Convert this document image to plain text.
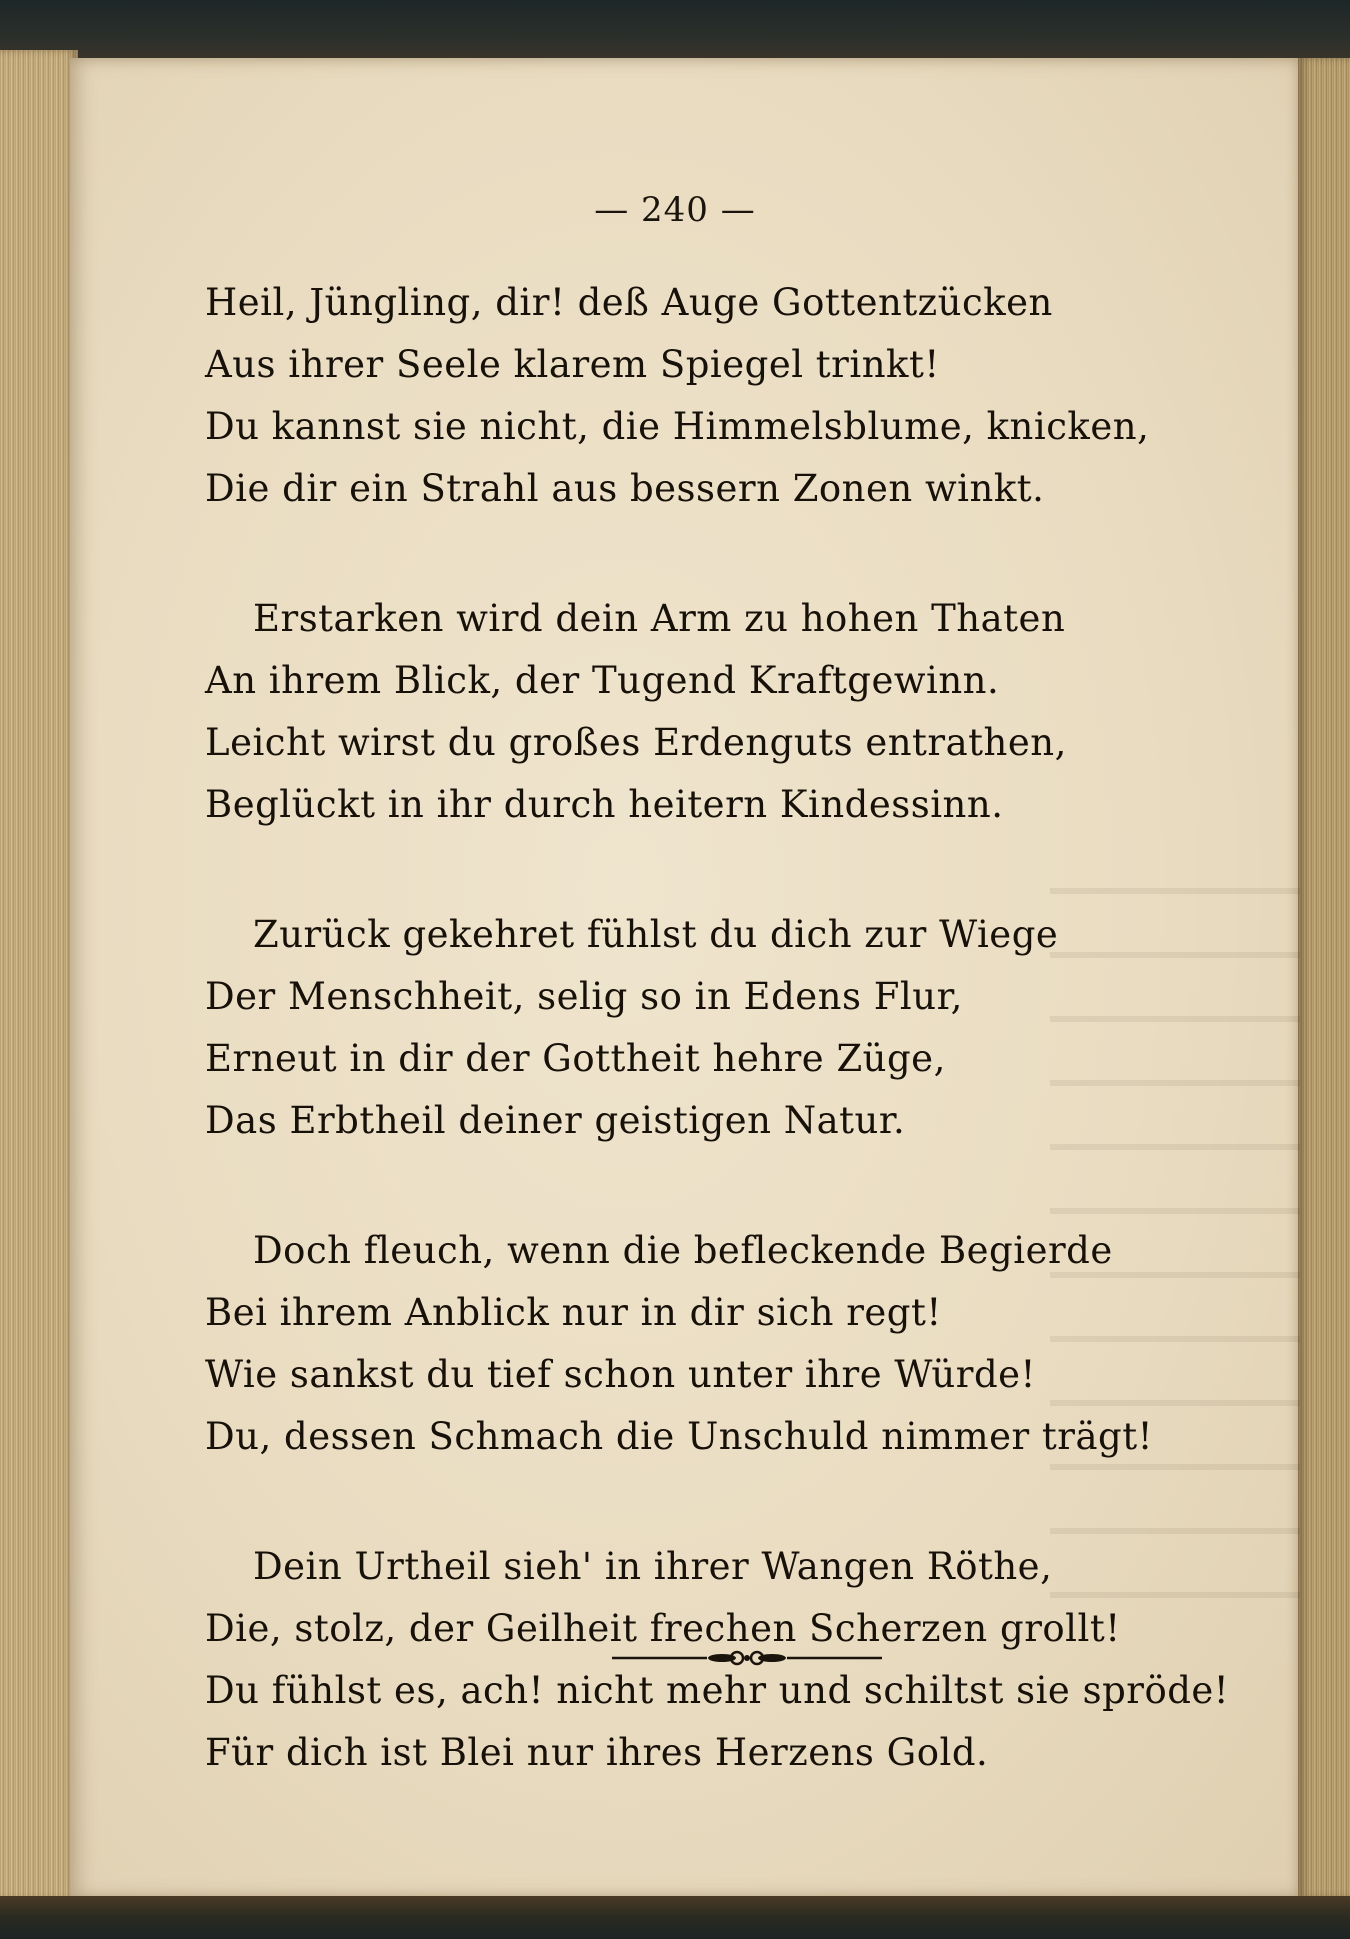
— 240 —
Heil, Jüngling, dir! deß Auge Gottentzücken
Aus ihrer Seele klarem Spiegel trinkt!
Du kannst sie nicht, die Himmelsblume, knicken,
Die dir ein Strahl aus bessern Zonen winkt.
Erstarken wird dein Arm zu hohen Thaten
An ihrem Blick, der Tugend Kraftgewinn.
Leicht wirst du großes Erdenguts entrathen,
Beglückt in ihr durch heitern Kindessinn.
Zurück gekehret fühlst du dich zur Wiege
Der Menschheit, selig so in Edens Flur,
Erneut in dir der Gottheit hehre Züge,
Das Erbtheil deiner geistigen Natur.
Doch fleuch, wenn die befleckende Begierde
Bei ihrem Anblick nur in dir sich regt!
Wie sankst du tief schon unter ihre Würde!
Du, dessen Schmach die Unschuld nimmer trägt!
Dein Urtheil sieh' in ihrer Wangen Röthe,
Die, stolz, der Geilheit frechen Scherzen grollt!
Du fühlst es, ach! nicht mehr und schiltst sie spröde!
Für dich ist Blei nur ihres Herzens Gold.
